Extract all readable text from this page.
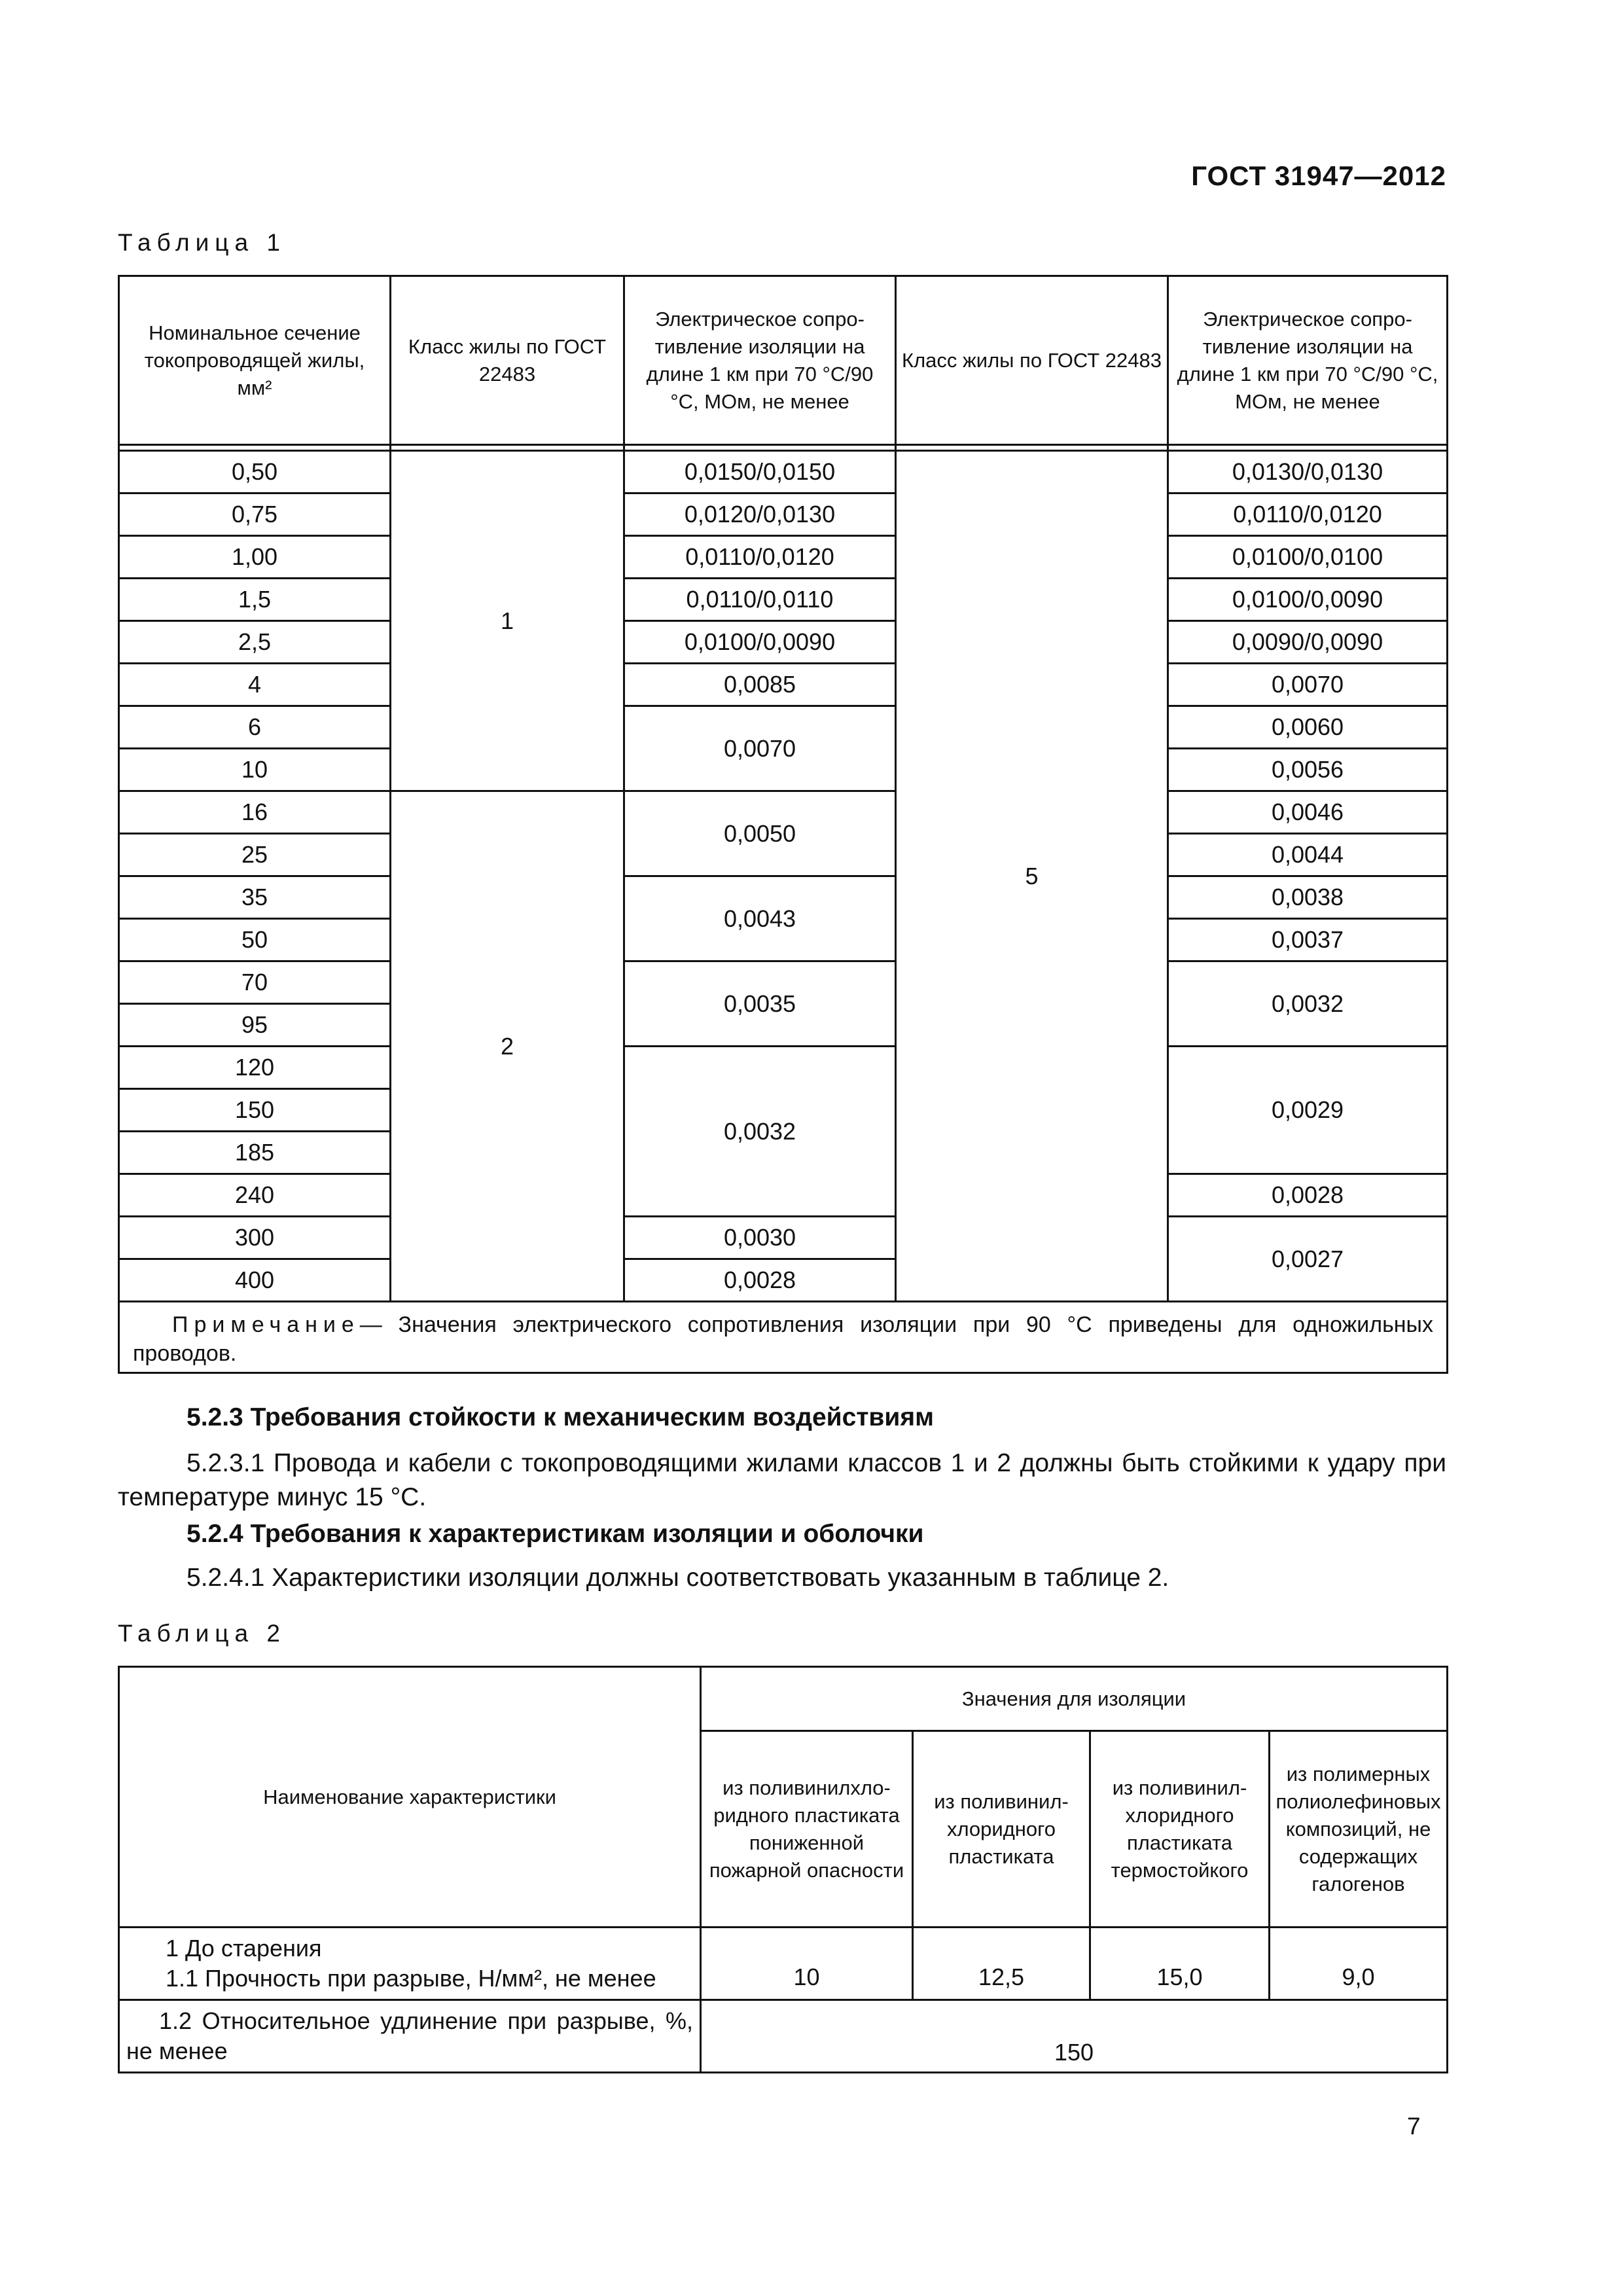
ГОСТ 31947—2012
Таблица 1
Номинальное сечение токопроводящей жилы, мм²	Класс жилы по ГОСТ 22483	Электрическое сопротивление изоляции на длине 1 км при 70 °C/90 °C, МОм, не менее	Класс жилы по ГОСТ 22483	Электрическое сопротивление изоляции на длине 1 км при 70 °C/90 °C, МОм, не менее

0,50	1	0,0150/0,0150	5	0,0130/0,0130
0,75		0,0120/0,0130		0,0110/0,0120
1,00		0,0110/0,0120		0,0100/0,0100
1,5		0,0110/0,0110		0,0100/0,0090
2,5		0,0100/0,0090		0,0090/0,0090
4		0,0085		0,0070
6		0,0070		0,0060
10				0,0056
16	2	0,0050		0,0046
25				0,0044
35		0,0043		0,0038
50				0,0037
70		0,0035		0,0032
95				
120		0,0032		0,0029
150				
185				
240				0,0028
300		0,0030		0,0027
400		0,0028		
Примечание— Значения электрического сопротивления изоляции при 90 °C приведены для одножильных проводов.				
5.2.3 Требования стойкости к механическим воздействиям
5.2.3.1 Провода и кабели с токопроводящими жилами классов 1 и 2 должны быть стойкими к удару при температуре минус 15 °C.
5.2.4 Требования к характеристикам изоляции и оболочки
5.2.4.1 Характеристики изоляции должны соответствовать указанным в таблице 2.
Таблица 2
Наименование характеристики	Значения для изоляции			
	из поливинилхлоридного пластиката пониженной пожарной опасности	из поливинилхлоридного пластиката	из поливинилхлоридного пластиката термостойкого	из полимерных полиолефиновых композиций, не содержащих галогенов

1 До старения
1.1 Прочность при разрыве, Н/мм², не менее	10	12,5	15,0	9,0
1.2 Относительное удлинение при разрыве, %, не менее	150			
7
